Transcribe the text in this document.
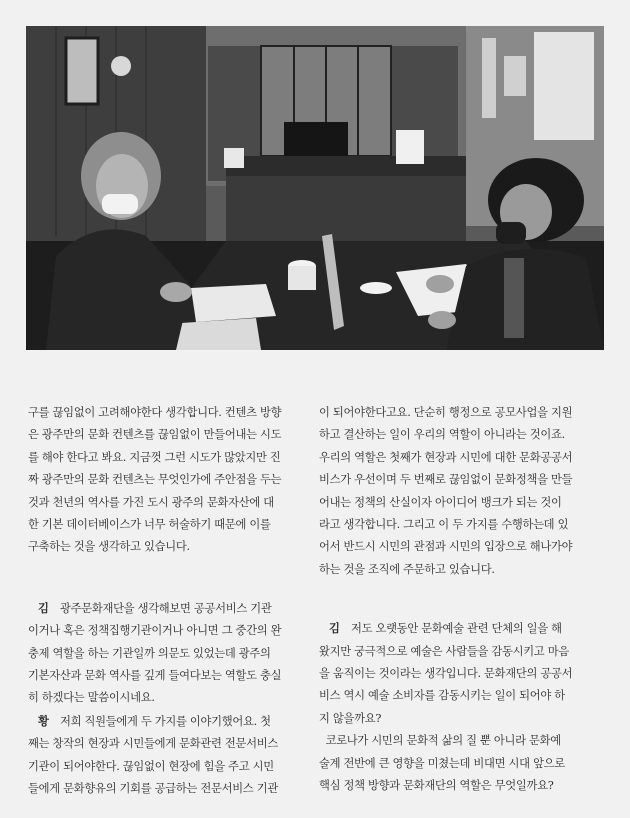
구를 끊임없이 고려해야한다 생각합니다. 컨텐츠 방향
은 광주만의 문화 컨텐츠를 끊임없이 만들어내는 시도
를 해야 한다고 봐요. 지금껏 그런 시도가 많았지만 진
짜 광주만의 문화 컨텐츠는 무엇인가에 주안점을 두는
것과 천년의 역사를 가진 도시 광주의 문화자산에 대
한 기본 데이터베이스가 너무 허술하기 때문에 이를
구축하는 것을 생각하고 있습니다.
김 광주문화재단을 생각해보면 공공서비스 기관
이거나 혹은 정책집행기관이거나 아니면 그 중간의 완
충제 역할을 하는 기관일까 의문도 있었는데 광주의
기본자산과 문화 역사를 깊게 들여다보는 역할도 충실
히 하겠다는 말씀이시네요.
황 저희 직원들에게 두 가지를 이야기했어요. 첫
째는 창작의 현장과 시민들에게 문화관련 전문서비스
기관이 되어야한다. 끊임없이 현장에 힘을 주고 시민
들에게 문화향유의 기회를 공급하는 전문서비스 기관
이 되어야한다고요. 단순히 행정으로 공모사업을 지원
하고 결산하는 일이 우리의 역할이 아니라는 것이죠.
우리의 역할은 첫째가 현장과 시민에 대한 문화공공서
비스가 우선이며 두 번째로 끊임없이 문화정책을 만들
어내는 정책의 산실이자 아이디어 뱅크가 되는 것이
라고 생각합니다. 그리고 이 두 가지를 수행하는데 있
어서 반드시 시민의 관점과 시민의 입장으로 해나가야
하는 것을 조직에 주문하고 있습니다.
김 저도 오랫동안 문화예술 관련 단체의 일을 해
왔지만 궁극적으로 예술은 사람들을 감동시키고 마음
을 움직이는 것이라는 생각입니다. 문화재단의 공공서
비스 역시 예술 소비자를 감동시키는 일이 되어야 하
지 않을까요?
코로나가 시민의 문화적 삶의 질 뿐 아니라 문화예
술계 전반에 큰 영향을 미쳤는데 비대면 시대 앞으로
핵심 정책 방향과 문화재단의 역할은 무엇일까요?
